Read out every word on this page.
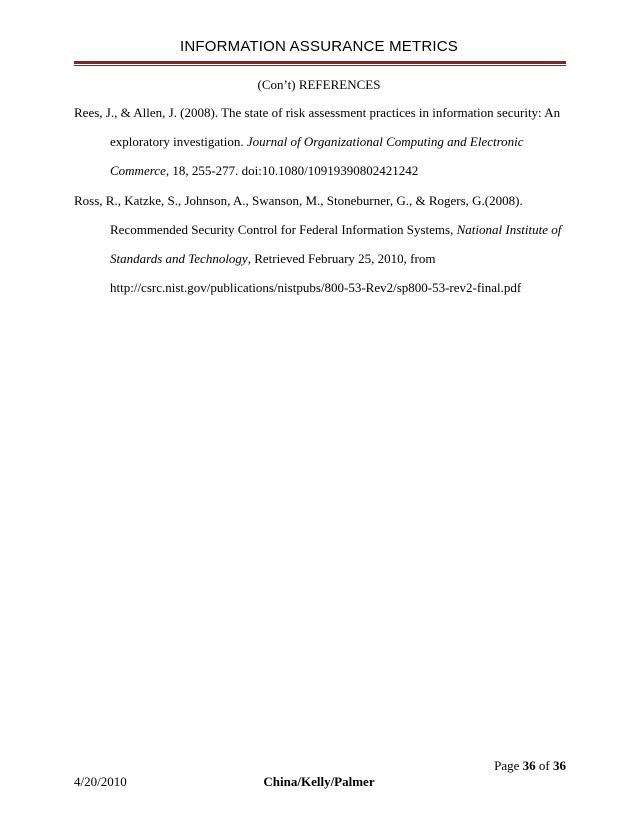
INFORMATION ASSURANCE METRICS
(Con’t) REFERENCES
Rees, J., & Allen, J. (2008). The state of risk assessment practices in information security: An
exploratory investigation. Journal of Organizational Computing and Electronic
Commerce, 18, 255-277. doi:10.1080/10919390802421242
Ross, R., Katzke, S., Johnson, A., Swanson, M., Stoneburner, G., & Rogers, G.(2008).
Recommended Security Control for Federal Information Systems, National Institute of
Standards and Technology, Retrieved February 25, 2010, from
http://csrc.nist.gov/publications/nistpubs/800-53-Rev2/sp800-53-rev2-final.pdf
Page 36 of 36
4/20/2010	China/Kelly/Palmer
